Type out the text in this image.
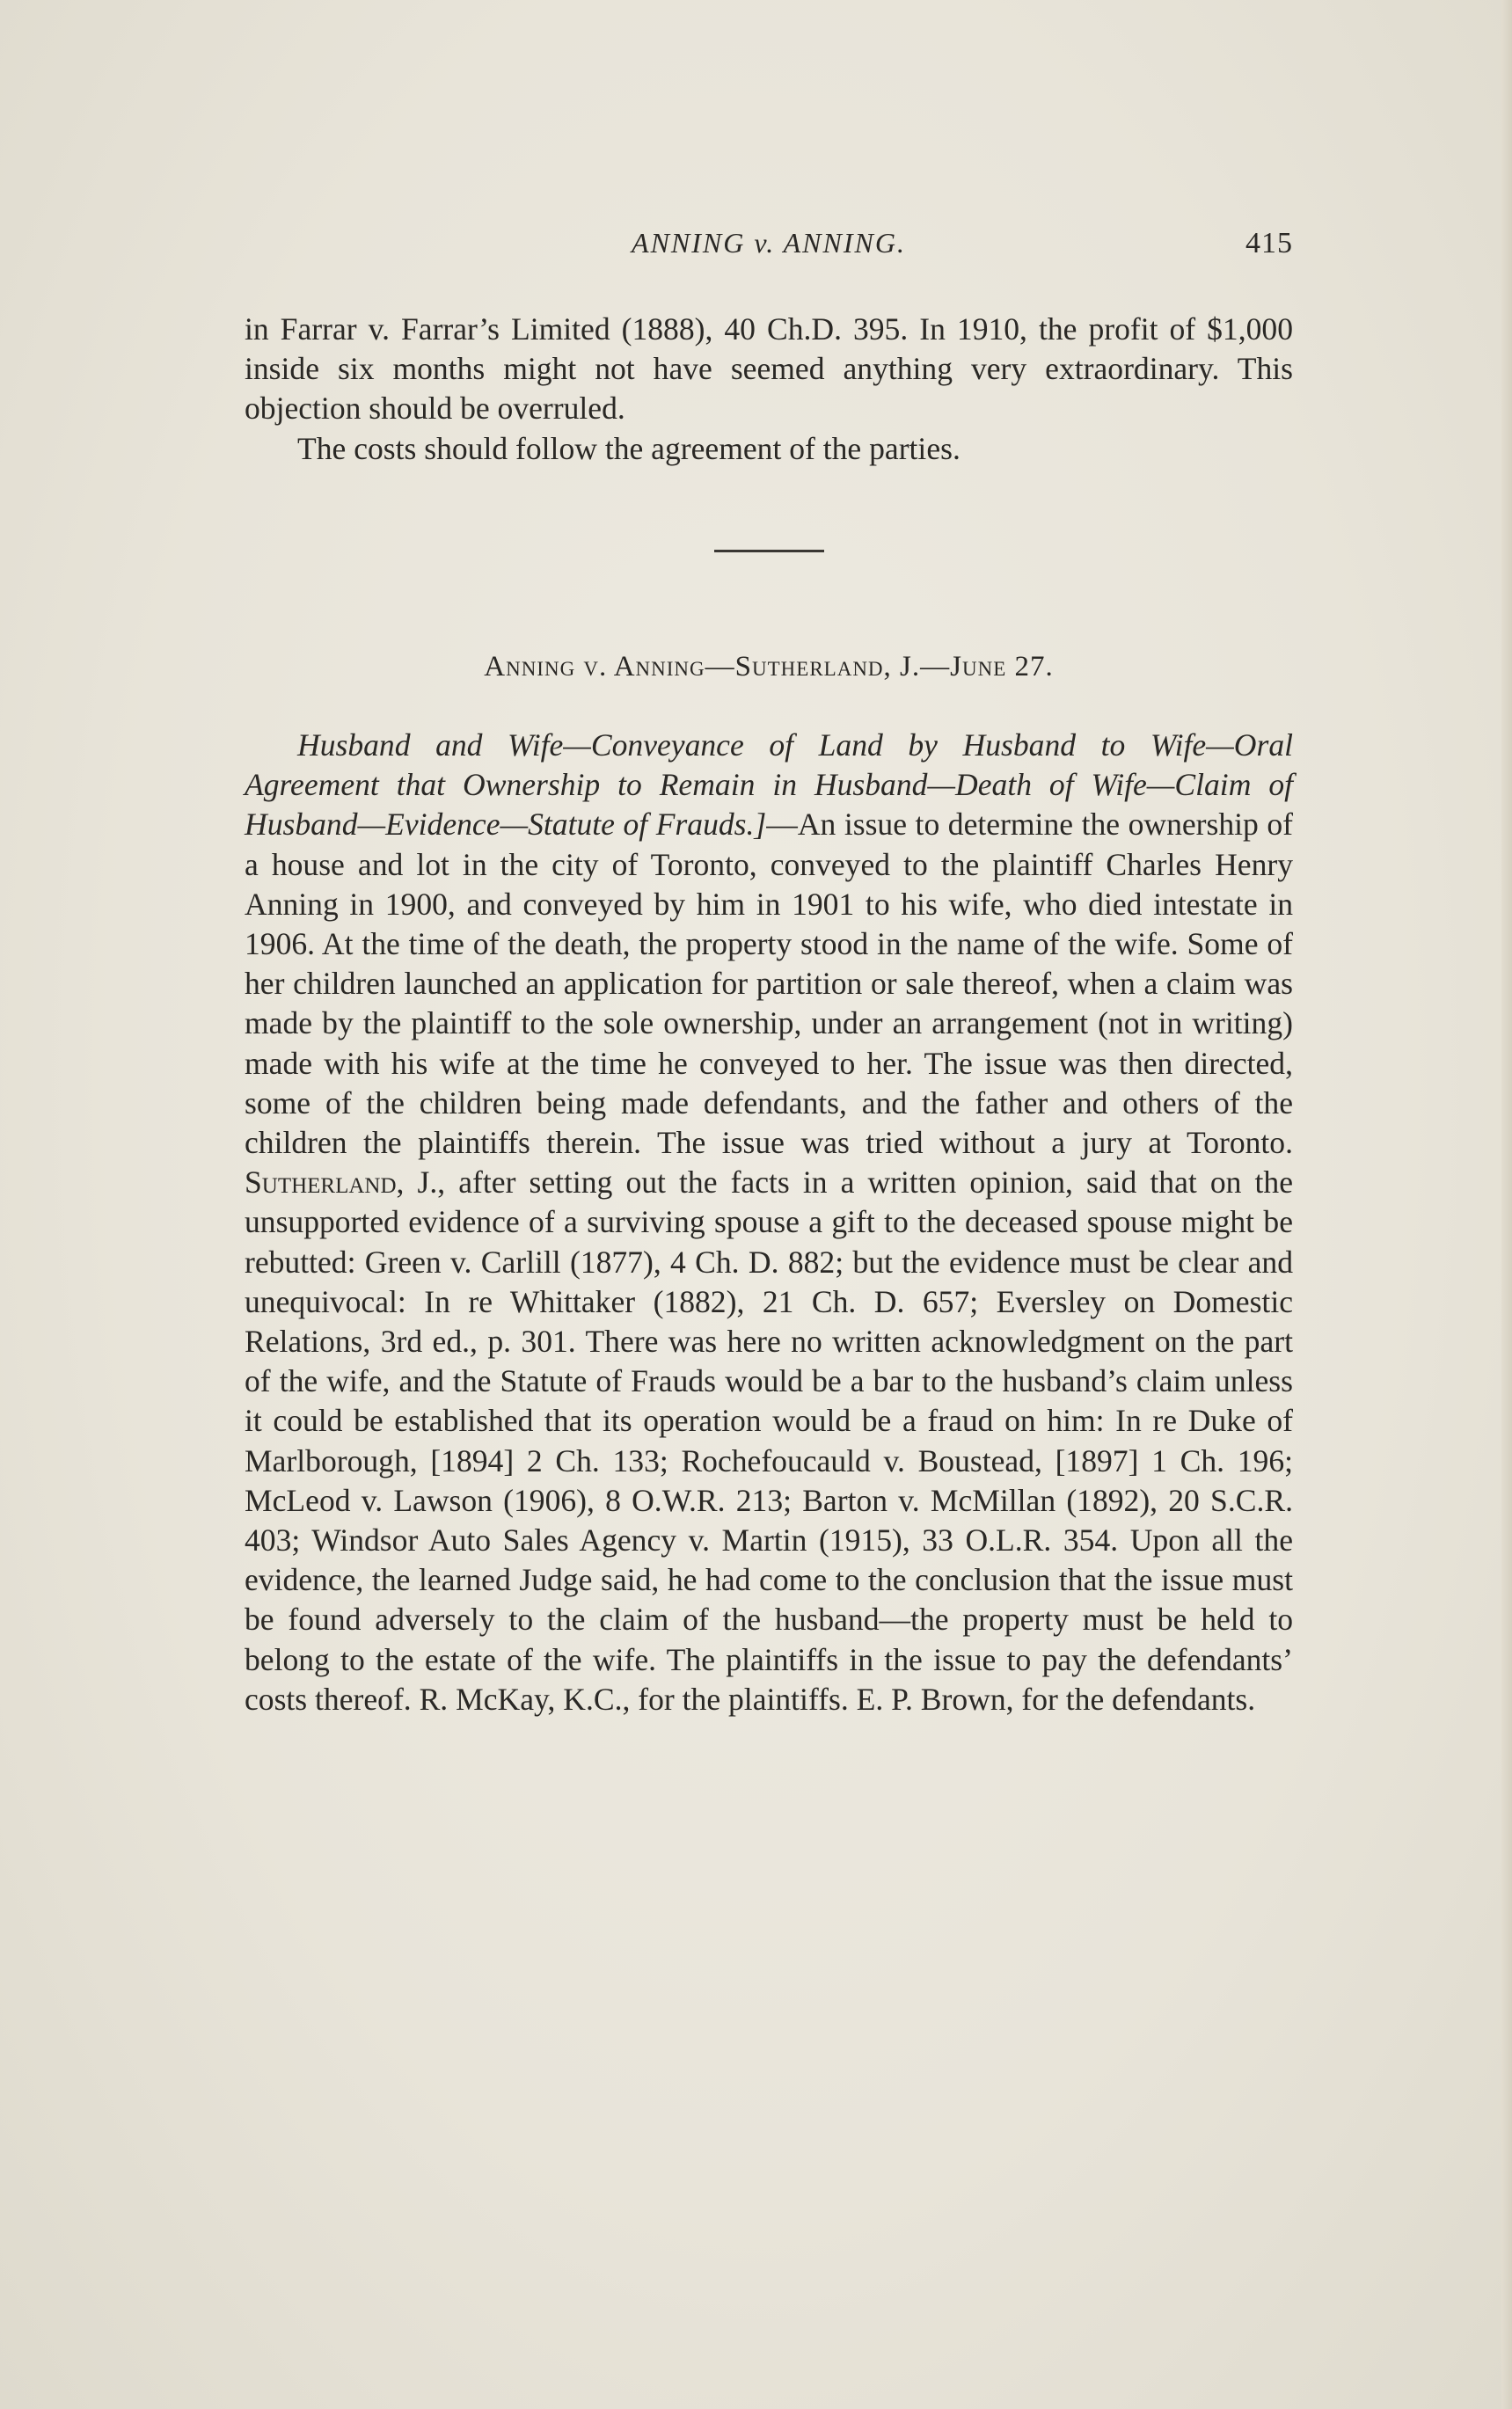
ANNING v. ANNING.	415

in Farrar v. Farrar’s Limited (1888), 40 Ch.D. 395. In 1910, the profit of $1,000 inside six months might not have seemed anything very extraordinary. This objection should be overruled.

The costs should follow the agreement of the parties.

Anning v. Anning—Sutherland, J.—June 27.

Husband and Wife—Conveyance of Land by Husband to Wife—Oral Agreement that Ownership to Remain in Husband—Death of Wife—Claim of Husband—Evidence—Statute of Frauds.]—An issue to determine the ownership of a house and lot in the city of Toronto, conveyed to the plaintiff Charles Henry Anning in 1900, and conveyed by him in 1901 to his wife, who died intestate in 1906. At the time of the death, the property stood in the name of the wife. Some of her children launched an application for partition or sale thereof, when a claim was made by the plaintiff to the sole ownership, under an arrangement (not in writing) made with his wife at the time he conveyed to her. The issue was then directed, some of the children being made defendants, and the father and others of the children the plaintiffs therein. The issue was tried without a jury at Toronto. Sutherland, J., after setting out the facts in a written opinion, said that on the unsupported evidence of a surviving spouse a gift to the deceased spouse might be rebutted: Green v. Carlill (1877), 4 Ch. D. 882; but the evidence must be clear and unequivocal: In re Whittaker (1882), 21 Ch. D. 657; Eversley on Domestic Relations, 3rd ed., p. 301. There was here no written acknowledgment on the part of the wife, and the Statute of Frauds would be a bar to the husband’s claim unless it could be established that its operation would be a fraud on him: In re Duke of Marlborough, [1894] 2 Ch. 133; Rochefoucauld v. Boustead, [1897] 1 Ch. 196; McLeod v. Lawson (1906), 8 O.W.R. 213; Barton v. McMillan (1892), 20 S.C.R. 403; Windsor Auto Sales Agency v. Martin (1915), 33 O.L.R. 354. Upon all the evidence, the learned Judge said, he had come to the conclusion that the issue must be found adversely to the claim of the husband—the property must be held to belong to the estate of the wife. The plaintiffs in the issue to pay the defendants’ costs thereof. R. McKay, K.C., for the plaintiffs. E. P. Brown, for the defendants.
